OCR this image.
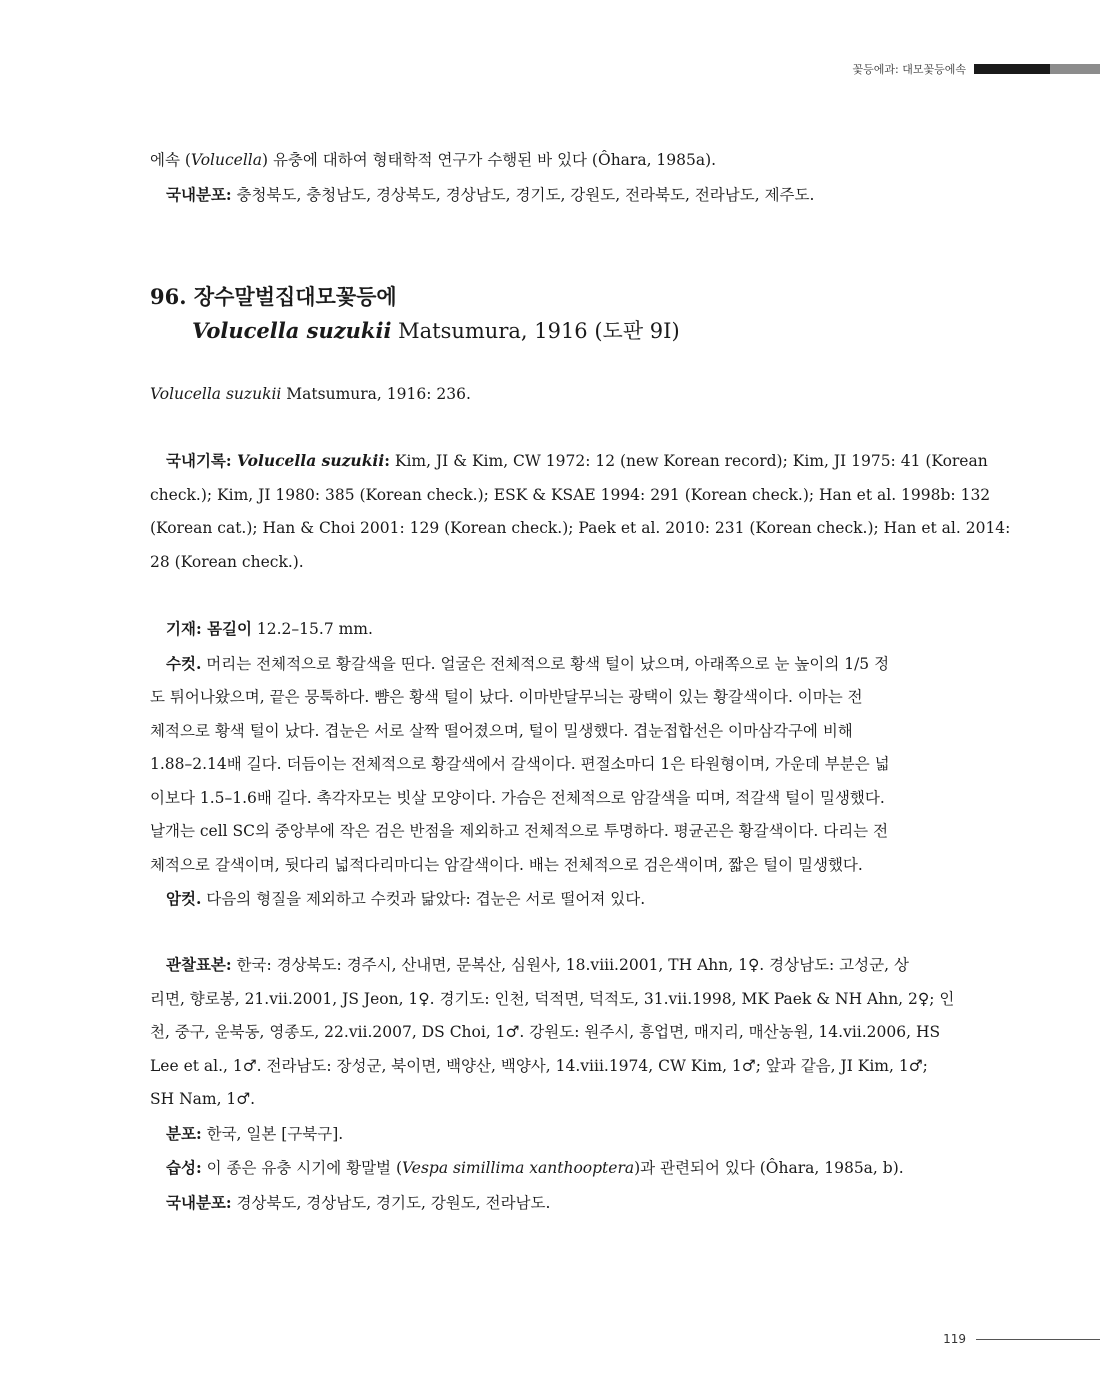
꽃등에과: 대모꽃등에속

에속 (Volucella) 유충에 대하여 형태학적 연구가 수행된 바 있다 (Ôhara, 1985a).

국내분포: 충청북도, 충청남도, 경상북도, 경상남도, 경기도, 강원도, 전라북도, 전라남도, 제주도.

96. 장수말벌집대모꽃등에
Volucella suzukii Matsumura, 1916 (도판 9I)

Volucella suzukii Matsumura, 1916: 236.

국내기록: Volucella suzukii: Kim, JI & Kim, CW 1972: 12 (new Korean record); Kim, JI 1975: 41 (Korean

check.); Kim, JI 1980: 385 (Korean check.); ESK & KSAE 1994: 291 (Korean check.); Han et al. 1998b: 132

(Korean cat.); Han & Choi 2001: 129 (Korean check.); Paek et al. 2010: 231 (Korean check.); Han et al. 2014:

28 (Korean check.).

기재: 몸길이 12.2–15.7 mm.

수컷. 머리는 전체적으로 황갈색을 띤다. 얼굴은 전체적으로 황색 털이 났으며, 아래쪽으로 눈 높이의 1/5 정

도 튀어나왔으며, 끝은 뭉툭하다. 뺨은 황색 털이 났다. 이마반달무늬는 광택이 있는 황갈색이다. 이마는 전

체적으로 황색 털이 났다. 겹눈은 서로 살짝 떨어졌으며, 털이 밀생했다. 겹눈접합선은 이마삼각구에 비해

1.88–2.14배 길다. 더듬이는 전체적으로 황갈색에서 갈색이다. 편절소마디 1은 타원형이며, 가운데 부분은 넓

이보다 1.5–1.6배 길다. 촉각자모는 빗살 모양이다. 가슴은 전체적으로 암갈색을 띠며, 적갈색 털이 밀생했다.

날개는 cell SC의 중앙부에 작은 검은 반점을 제외하고 전체적으로 투명하다. 평균곤은 황갈색이다. 다리는 전

체적으로 갈색이며, 뒷다리 넓적다리마디는 암갈색이다. 배는 전체적으로 검은색이며, 짧은 털이 밀생했다.

암컷. 다음의 형질을 제외하고 수컷과 닮았다: 겹눈은 서로 떨어져 있다.

관찰표본: 한국: 경상북도: 경주시, 산내면, 문복산, 심원사, 18.viii.2001, TH Ahn, 1♀. 경상남도: 고성군, 상

리면, 향로봉, 21.vii.2001, JS Jeon, 1♀. 경기도: 인천, 덕적면, 덕적도, 31.vii.1998, MK Paek & NH Ahn, 2♀; 인

천, 중구, 운북동, 영종도, 22.vii.2007, DS Choi, 1♂. 강원도: 원주시, 흥업면, 매지리, 매산농원, 14.vii.2006, HS

Lee et al., 1♂. 전라남도: 장성군, 북이면, 백양산, 백양사, 14.viii.1974, CW Kim, 1♂; 앞과 같음, JI Kim, 1♂;

SH Nam, 1♂.

분포: 한국, 일본 [구북구].

습성: 이 종은 유충 시기에 황말벌 (Vespa simillima xanthooptera)과 관련되어 있다 (Ôhara, 1985a, b).

국내분포: 경상북도, 경상남도, 경기도, 강원도, 전라남도.

119
